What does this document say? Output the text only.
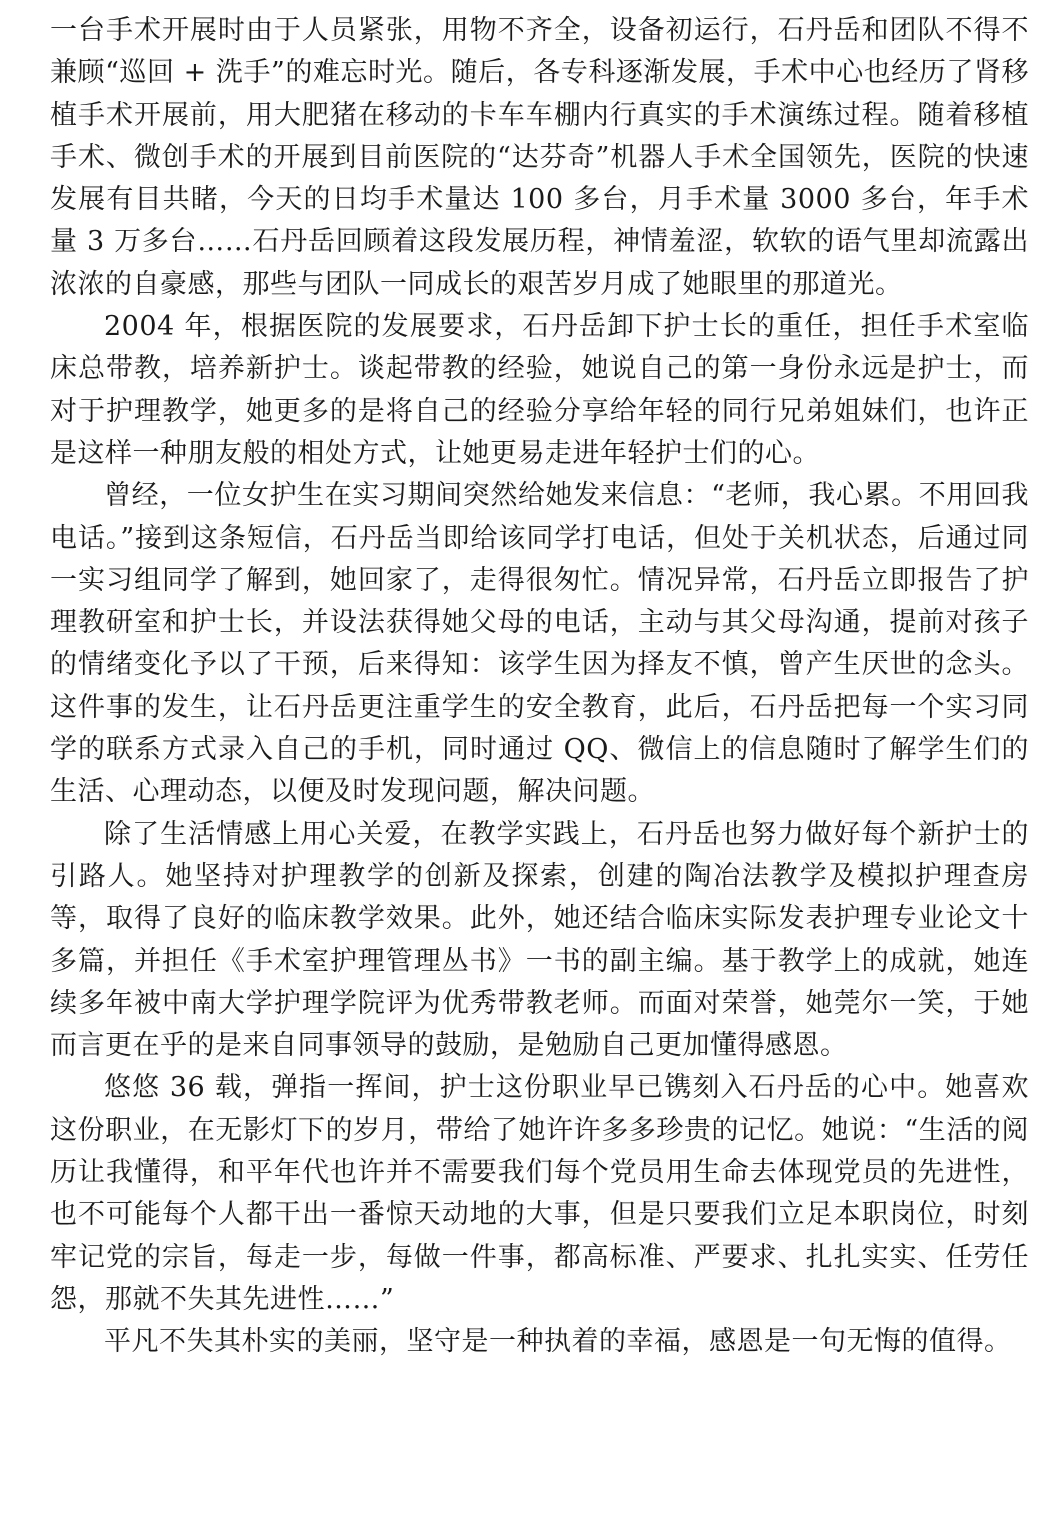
一台手术开展时由于人员紧张，用物不齐全，设备初运行，石丹岳和团队不得不兼顾“巡回 + 洗手”的难忘时光。随后，各专科逐渐发展，手术中心也经历了肾移植手术开展前，用大肥猪在移动的卡车车棚内行真实的手术演练过程。随着移植手术、微创手术的开展到目前医院的“达芬奇”机器人手术全国领先，医院的快速发展有目共睹，今天的日均手术量达 100 多台，月手术量 3000 多台，年手术量 3 万多台……石丹岳回顾着这段发展历程，神情羞涩，软软的语气里却流露出浓浓的自豪感，那些与团队一同成长的艰苦岁月成了她眼里的那道光。

2004 年，根据医院的发展要求，石丹岳卸下护士长的重任，担任手术室临床总带教，培养新护士。谈起带教的经验，她说自己的第一身份永远是护士，而对于护理教学，她更多的是将自己的经验分享给年轻的同行兄弟姐妹们，也许正是这样一种朋友般的相处方式，让她更易走进年轻护士们的心。

曾经，一位女护生在实习期间突然给她发来信息：“老师，我心累。不用回我电话。”接到这条短信，石丹岳当即给该同学打电话，但处于关机状态，后通过同一实习组同学了解到，她回家了，走得很匆忙。情况异常，石丹岳立即报告了护理教研室和护士长，并设法获得她父母的电话，主动与其父母沟通，提前对孩子的情绪变化予以了干预，后来得知：该学生因为择友不慎，曾产生厌世的念头。这件事的发生，让石丹岳更注重学生的安全教育，此后，石丹岳把每一个实习同学的联系方式录入自己的手机，同时通过 QQ、微信上的信息随时了解学生们的生活、心理动态，以便及时发现问题，解决问题。

除了生活情感上用心关爱，在教学实践上，石丹岳也努力做好每个新护士的引路人。她坚持对护理教学的创新及探索，创建的陶冶法教学及模拟护理查房等，取得了良好的临床教学效果。此外，她还结合临床实际发表护理专业论文十多篇，并担任《手术室护理管理丛书》一书的副主编。基于教学上的成就，她连续多年被中南大学护理学院评为优秀带教老师。而面对荣誉，她莞尔一笑，于她而言更在乎的是来自同事领导的鼓励，是勉励自己更加懂得感恩。

悠悠 36 载，弹指一挥间，护士这份职业早已镌刻入石丹岳的心中。她喜欢这份职业，在无影灯下的岁月，带给了她许许多多珍贵的记忆。她说：“生活的阅历让我懂得，和平年代也许并不需要我们每个党员用生命去体现党员的先进性，也不可能每个人都干出一番惊天动地的大事，但是只要我们立足本职岗位，时刻牢记党的宗旨，每走一步，每做一件事，都高标准、严要求、扎扎实实、任劳任怨，那就不失其先进性……”

平凡不失其朴实的美丽，坚守是一种执着的幸福，感恩是一句无悔的值得。
